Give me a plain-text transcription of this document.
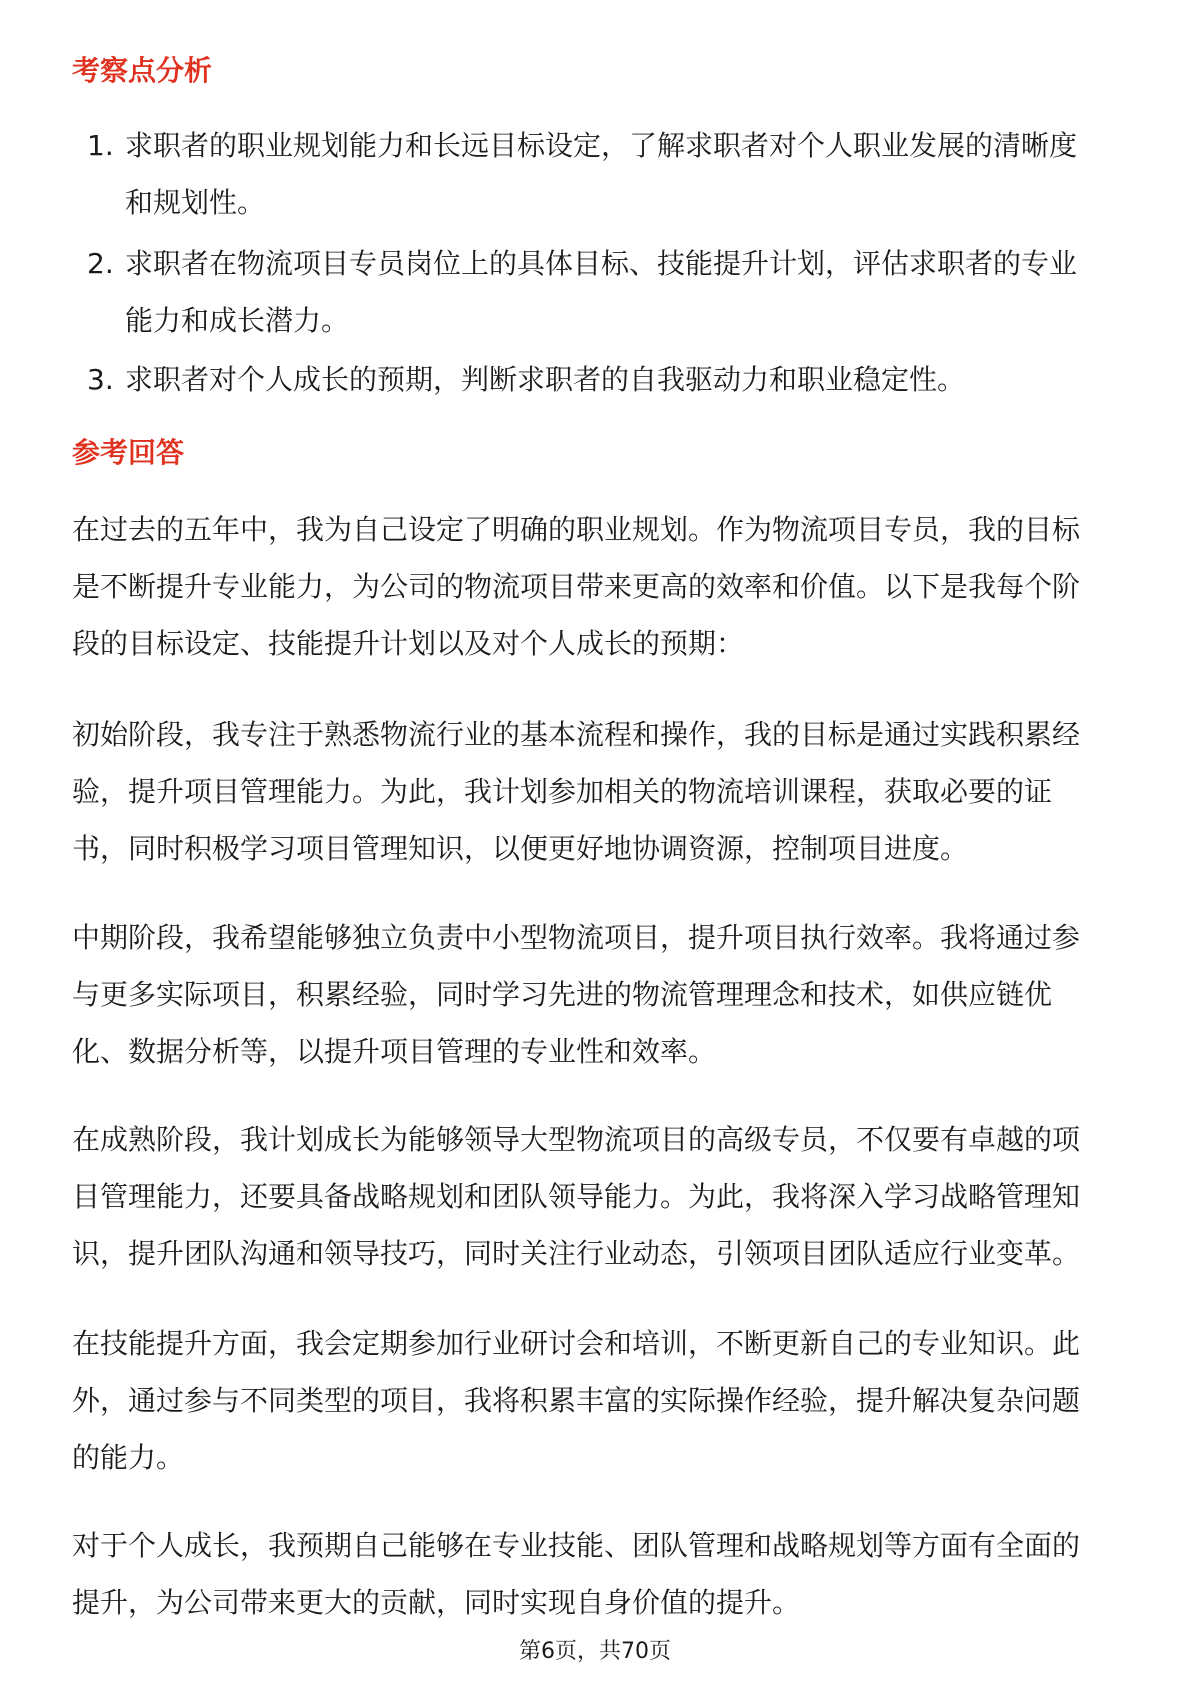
考察点分析
1. 求职者的职业规划能力和长远目标设定，了解求职者对个人职业发展的清晰度
和规划性。
2. 求职者在物流项目专员岗位上的具体目标、技能提升计划，评估求职者的专业
能力和成长潜力。
3. 求职者对个人成长的预期，判断求职者的自我驱动力和职业稳定性。
参考回答
在过去的五年中，我为自己设定了明确的职业规划。作为物流项目专员，我的目标
是不断提升专业能力，为公司的物流项目带来更高的效率和价值。以下是我每个阶
段的目标设定、技能提升计划以及对个人成长的预期：
初始阶段，我专注于熟悉物流行业的基本流程和操作，我的目标是通过实践积累经
验，提升项目管理能力。为此，我计划参加相关的物流培训课程，获取必要的证
书，同时积极学习项目管理知识，以便更好地协调资源，控制项目进度。
中期阶段，我希望能够独立负责中小型物流项目，提升项目执行效率。我将通过参
与更多实际项目，积累经验，同时学习先进的物流管理理念和技术，如供应链优
化、数据分析等，以提升项目管理的专业性和效率。
在成熟阶段，我计划成长为能够领导大型物流项目的高级专员，不仅要有卓越的项
目管理能力，还要具备战略规划和团队领导能力。为此，我将深入学习战略管理知
识，提升团队沟通和领导技巧，同时关注行业动态，引领项目团队适应行业变革。
在技能提升方面，我会定期参加行业研讨会和培训，不断更新自己的专业知识。此
外，通过参与不同类型的项目，我将积累丰富的实际操作经验，提升解决复杂问题
的能力。
对于个人成长，我预期自己能够在专业技能、团队管理和战略规划等方面有全面的
提升，为公司带来更大的贡献，同时实现自身价值的提升。
第6页，共70页
